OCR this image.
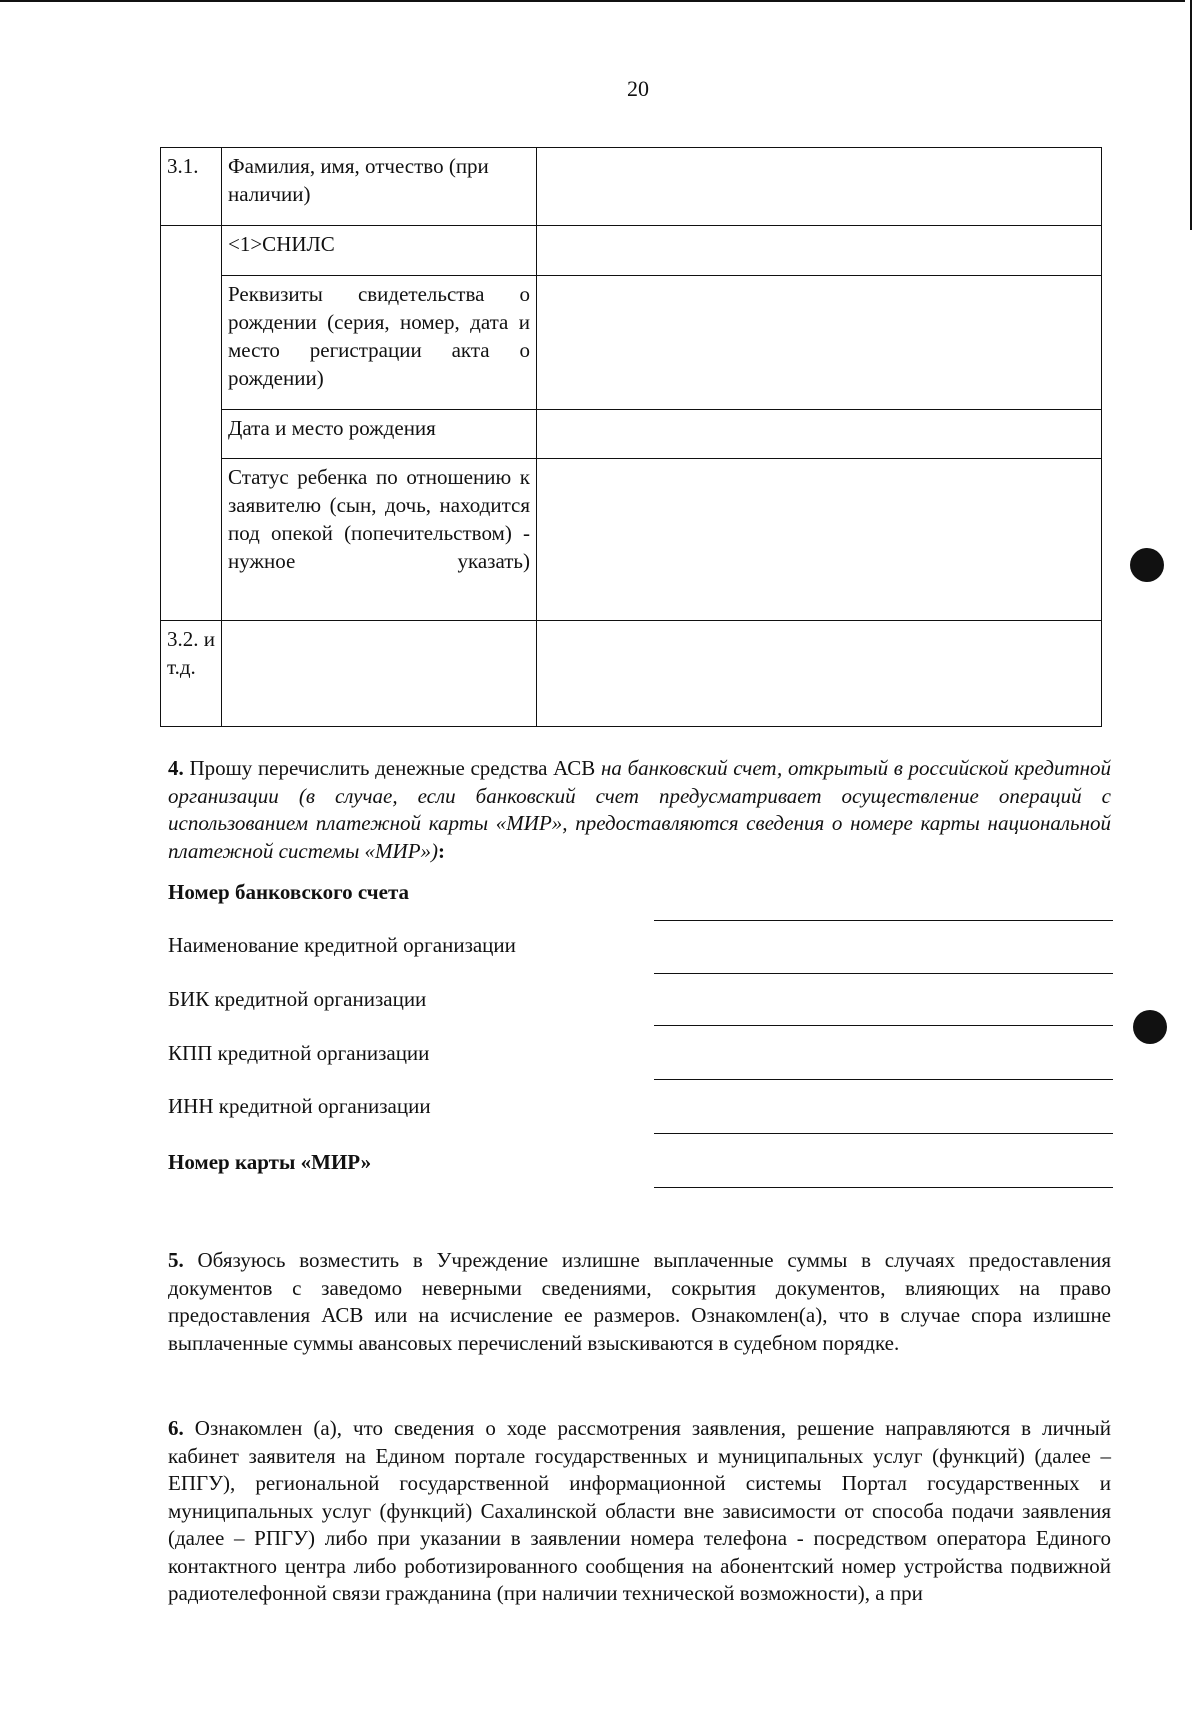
20
3.1.	Фамилия, имя, отчество (при наличии)	
	<1>СНИЛС	
	Реквизиты свидетельства о рождении (серия, номер, дата и место регистрации акта о рождении)	
	Дата и место рождения	
	Статус ребенка по отношению к заявителю (сын, дочь, находится под опекой (попечительством) - нужное указать)	
3.2. и т.д.		
4. Прошу перечислить денежные средства АСВ на банковский счет, открытый в российской кредитной организации (в случае, если банковский счет предусматривает осуществление операций с использованием платежной карты «МИР», предоставляются сведения о номере карты национальной платежной системы «МИР»):
Номер банковского счета
Наименование кредитной организации
БИК кредитной организации
КПП кредитной организации
ИНН кредитной организации
Номер карты «МИР»
5. Обязуюсь возместить в Учреждение излишне выплаченные суммы в случаях предоставления документов с заведомо неверными сведениями, сокрытия документов, влияющих на право предоставления АСВ или на исчисление ее размеров. Ознакомлен(а), что в случае спора излишне выплаченные суммы авансовых перечислений взыскиваются в судебном порядке.
6. Ознакомлен (а), что сведения о ходе рассмотрения заявления, решение направляются в личный кабинет заявителя на Едином портале государственных и муниципальных услуг (функций) (далее – ЕПГУ), региональной государственной информационной системы Портал государственных и муниципальных услуг (функций) Сахалинской области вне зависимости от способа подачи заявления (далее – РПГУ) либо при указании в заявлении номера телефона - посредством оператора Единого контактного центра либо роботизированного сообщения на абонентский номер устройства подвижной радиотелефонной связи гражданина (при наличии технической возможности), а при
